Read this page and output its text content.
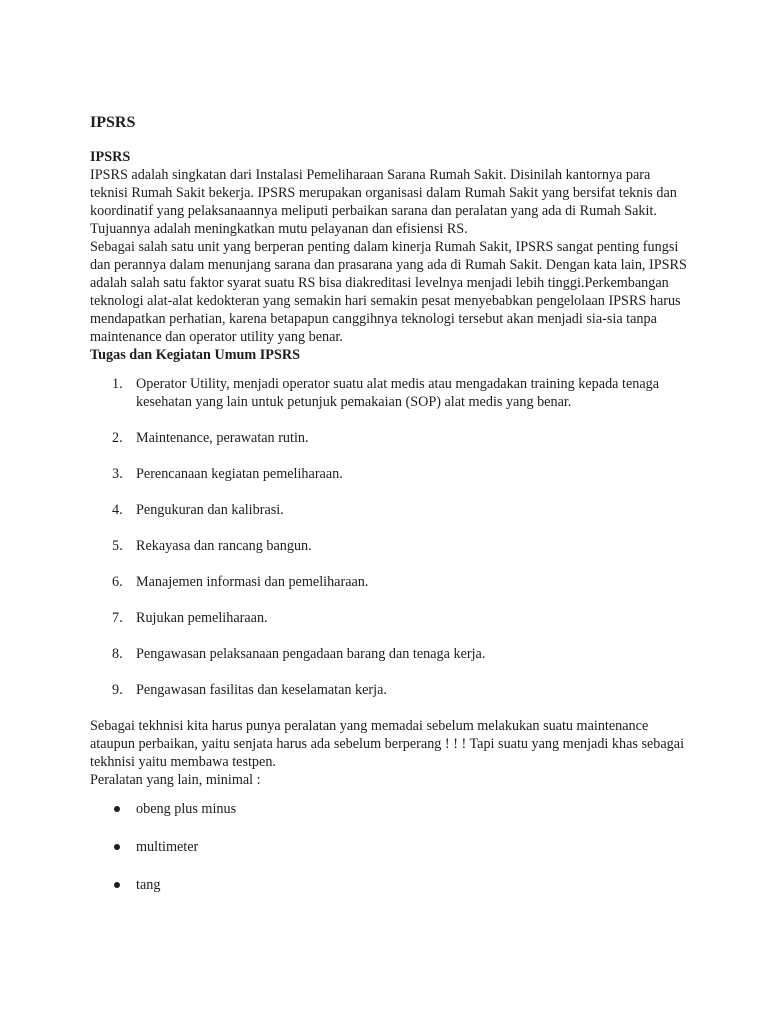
IPSRS

IPSRS

IPSRS adalah singkatan dari Instalasi Pemeliharaan Sarana Rumah Sakit. Disinilah kantornya para teknisi Rumah Sakit bekerja. IPSRS merupakan organisasi dalam Rumah Sakit yang bersifat teknis dan koordinatif yang pelaksanaannya meliputi perbaikan sarana dan peralatan yang ada di Rumah Sakit. Tujuannya adalah meningkatkan mutu pelayanan dan efisiensi RS.

Sebagai salah satu unit yang berperan penting dalam kinerja Rumah Sakit, IPSRS sangat penting fungsi dan perannya dalam menunjang sarana dan prasarana yang ada di Rumah Sakit. Dengan kata lain, IPSRS adalah salah satu faktor syarat suatu RS bisa diakreditasi levelnya menjadi lebih tinggi.Perkembangan teknologi alat-alat kedokteran yang semakin hari semakin pesat menyebabkan pengelolaan IPSRS harus mendapatkan perhatian, karena betapapun canggihnya teknologi tersebut akan menjadi sia-sia tanpa maintenance dan operator utility yang benar.

Tugas dan Kegiatan Umum IPSRS

1. Operator Utility, menjadi operator suatu alat medis atau mengadakan training kepada tenaga kesehatan yang lain untuk petunjuk pemakaian (SOP) alat medis yang benar.
2. Maintenance, perawatan rutin.
3. Perencanaan kegiatan pemeliharaan.
4. Pengukuran dan kalibrasi.
5. Rekayasa dan rancang bangun.
6. Manajemen informasi dan pemeliharaan.
7. Rujukan pemeliharaan.
8. Pengawasan pelaksanaan pengadaan barang dan tenaga kerja.
9. Pengawasan fasilitas dan keselamatan kerja.

Sebagai tekhnisi kita harus punya peralatan yang memadai sebelum melakukan suatu maintenance ataupun perbaikan, yaitu senjata harus ada sebelum berperang ! ! ! Tapi suatu yang menjadi khas sebagai tekhnisi yaitu membawa testpen.

Peralatan yang lain, minimal :

obeng plus minus
multimeter
tang
